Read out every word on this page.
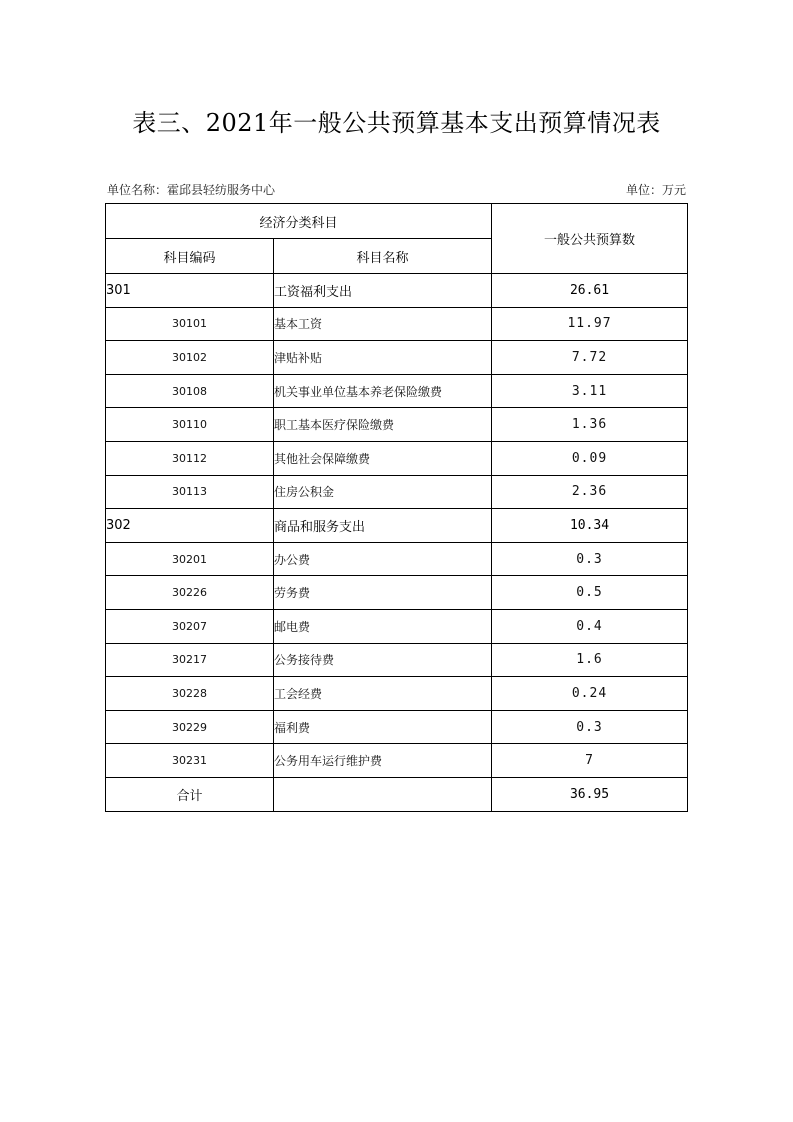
表三、2021年一般公共预算基本支出预算情况表
单位名称：霍邱县轻纺服务中心	单位：万元
经济分类科目		一般公共预算数
科目编码	科目名称	
301	工资福利支出	26.61
30101	基本工资	11.97
30102	津贴补贴	7.72
30108	机关事业单位基本养老保险缴费	3.11
30110	职工基本医疗保险缴费	1.36
30112	其他社会保障缴费	0.09
30113	住房公积金	2.36
302	商品和服务支出	10.34
30201	办公费	0.3
30226	劳务费	0.5
30207	邮电费	0.4
30217	公务接待费	1.6
30228	工会经费	0.24
30229	福利费	0.3
30231	公务用车运行维护费	7
合计		36.95
